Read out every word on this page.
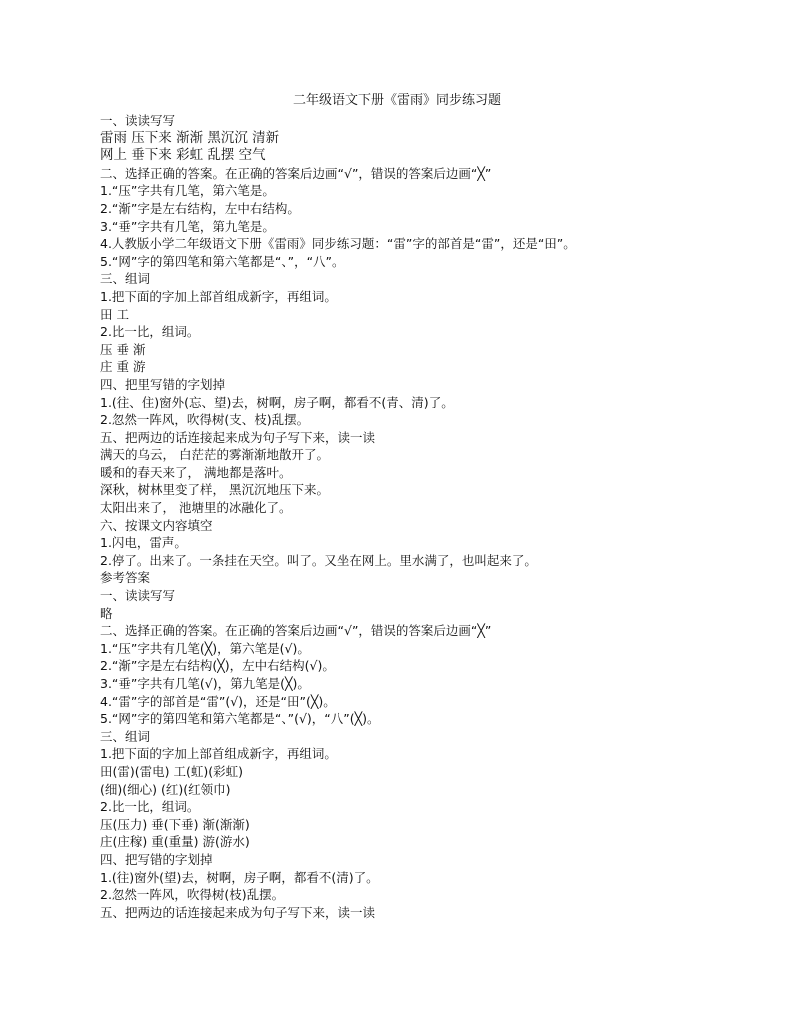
二年级语文下册《雷雨》同步练习题
一、读读写写
雷雨 压下来 渐渐 黑沉沉 清新
网上 垂下来 彩虹 乱摆 空气
二、选择正确的答案。在正确的答案后边画“√”，错误的答案后边画“╳”
1.“压”字共有几笔，第六笔是。
2.“渐”字是左右结构，左中右结构。
3.“垂”字共有几笔，第九笔是。
4.人教版小学二年级语文下册《雷雨》同步练习题：“雷”字的部首是“雷”，还是“田”。
5.“网”字的第四笔和第六笔都是“、”，“八”。
三、组词
1.把下面的字加上部首组成新字，再组词。
田 工
2.比一比，组词。
压 垂 渐
庄 重 游
四、把里写错的字划掉
1.(往、住)窗外(忘、望)去，树啊，房子啊，都看不(青、清)了。
2.忽然一阵风，吹得树(支、枝)乱摆。
五、把两边的话连接起来成为句子写下来，读一读
满天的乌云， 白茫茫的雾渐渐地散开了。
暖和的春天来了， 满地都是落叶。
深秋，树林里变了样， 黑沉沉地压下来。
太阳出来了， 池塘里的冰融化了。
六、按课文内容填空
1.闪电，雷声。
2.停了。出来了。一条挂在天空。叫了。又坐在网上。里水满了，也叫起来了。
参考答案
一、读读写写
略
二、选择正确的答案。在正确的答案后边画“√”，错误的答案后边画“╳”
1.“压”字共有几笔(╳)，第六笔是(√)。
2.“渐”字是左右结构(╳)，左中右结构(√)。
3.“垂”字共有几笔(√)，第九笔是(╳)。
4.“雷”字的部首是“雷”(√)，还是“田”(╳)。
5.“网”字的第四笔和第六笔都是“、”(√)，“八”(╳)。
三、组词
1.把下面的字加上部首组成新字，再组词。
田(雷)(雷电) 工(虹)(彩虹)
(细)(细心) (红)(红领巾)
2.比一比，组词。
压(压力) 垂(下垂) 渐(渐渐)
庄(庄稼) 重(重量) 游(游水)
四、把写错的字划掉
1.(往)窗外(望)去，树啊，房子啊，都看不(清)了。
2.忽然一阵风，吹得树(枝)乱摆。
五、把两边的话连接起来成为句子写下来，读一读
